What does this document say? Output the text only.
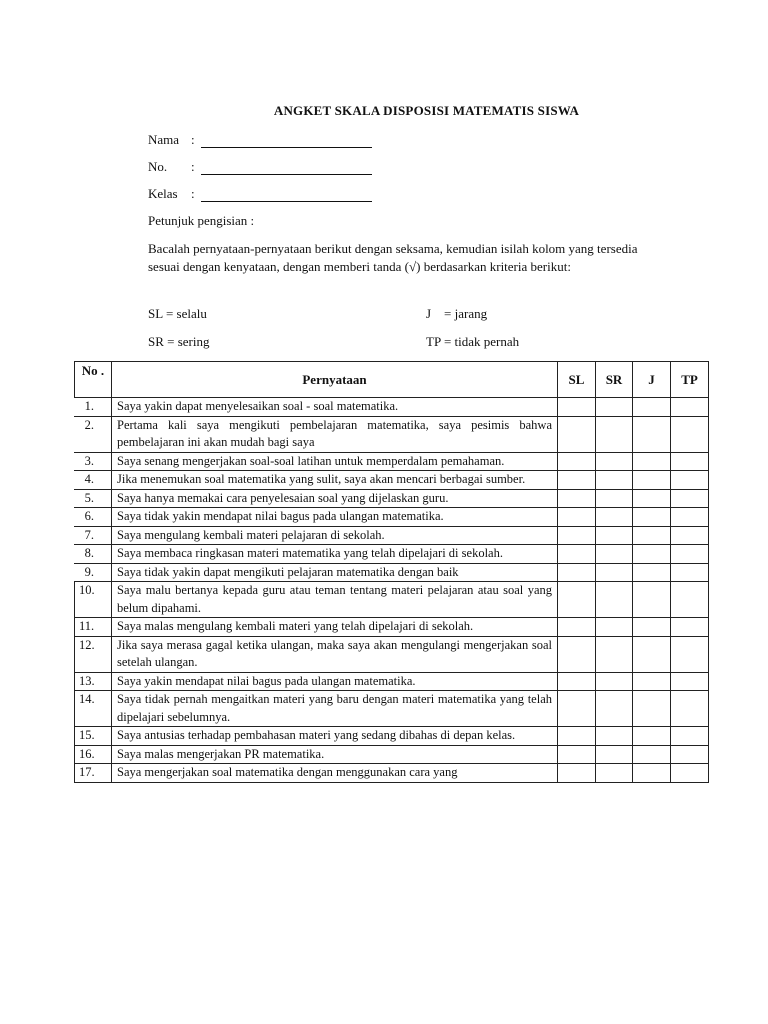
ANGKET SKALA DISPOSISI MATEMATIS SISWA
Nama :
No. :
Kelas :
Petunjuk pengisian :
Bacalah pernyataan-pernyataan berikut dengan seksama, kemudian isilah kolom yang tersedia sesuai dengan kenyataan, dengan memberi tanda (√) berdasarkan kriteria berikut:
SL = selalu	J    = jarang
SR = sering	TP = tidak pernah
No .	Pernyataan	SL	SR	J	TP
1.	Saya yakin dapat menyelesaikan soal - soal matematika.				
2.	Pertama kali saya mengikuti pembelajaran matematika, saya pesimis bahwa pembelajaran ini akan mudah bagi saya				
3.	Saya senang mengerjakan soal-soal latihan untuk memperdalam pemahaman.				
4.	Jika menemukan soal matematika yang sulit, saya akan mencari berbagai sumber.				
5.	Saya hanya memakai cara penyelesaian soal yang dijelaskan guru.				
6.	Saya tidak yakin mendapat nilai bagus pada ulangan matematika.				
7.	Saya mengulang kembali materi pelajaran di sekolah.				
8.	Saya membaca ringkasan materi matematika yang telah dipelajari di sekolah.				
9.	Saya tidak yakin dapat mengikuti pelajaran matematika dengan baik				
10.	Saya malu bertanya kepada guru atau teman tentang materi pelajaran atau soal yang belum dipahami.				
11.	Saya malas mengulang kembali materi yang telah dipelajari di sekolah.				
12.	Jika saya merasa gagal ketika ulangan, maka saya akan mengulangi mengerjakan soal setelah ulangan.				
13.	Saya yakin mendapat nilai bagus pada ulangan matematika.				
14.	Saya tidak pernah mengaitkan materi yang baru dengan materi matematika yang telah dipelajari sebelumnya.				
15.	Saya antusias terhadap pembahasan materi yang sedang dibahas di depan kelas.				
16.	Saya malas mengerjakan PR matematika.				
17.	Saya mengerjakan soal matematika dengan menggunakan cara yang				
